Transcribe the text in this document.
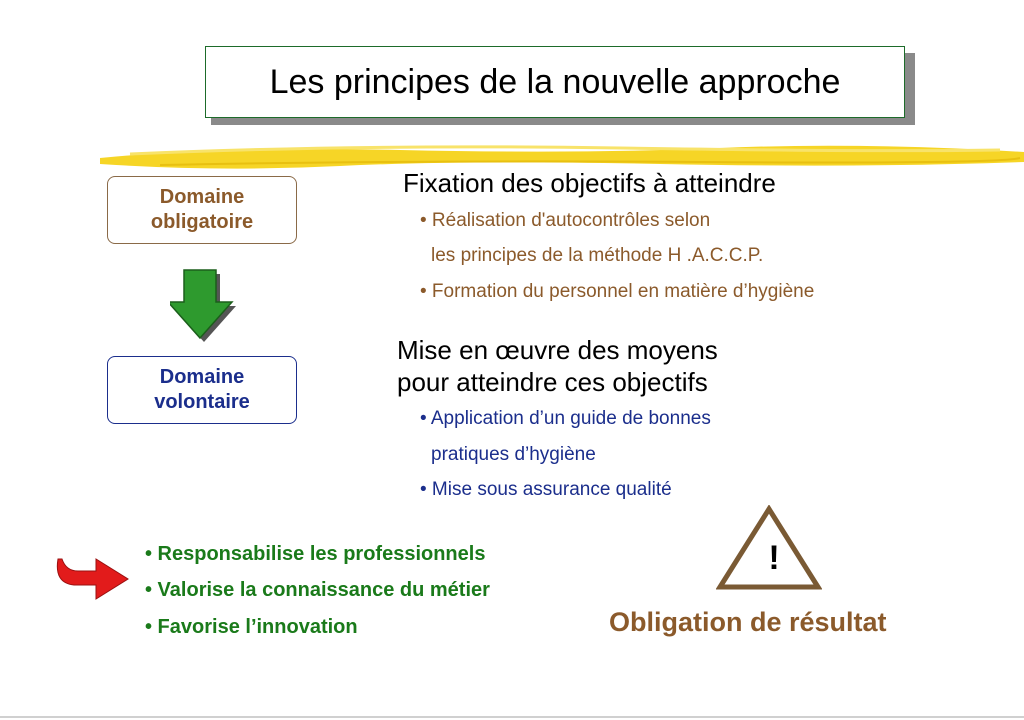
Les principes de la nouvelle approche
Domaine
obligatoire
Domaine
volontaire
Fixation des objectifs à atteindre
• Réalisation d'autocontrôles selon
les principes de la méthode H .A.C.C.P.
• Formation du personnel en matière d’hygiène
Mise en œuvre des moyens
pour atteindre ces objectifs
• Application d’un guide de bonnes
pratiques d’hygiène
• Mise sous assurance qualité
• Responsabilise les professionnels
• Valorise la connaissance du métier
• Favorise l’innovation
!
Obligation de résultat
